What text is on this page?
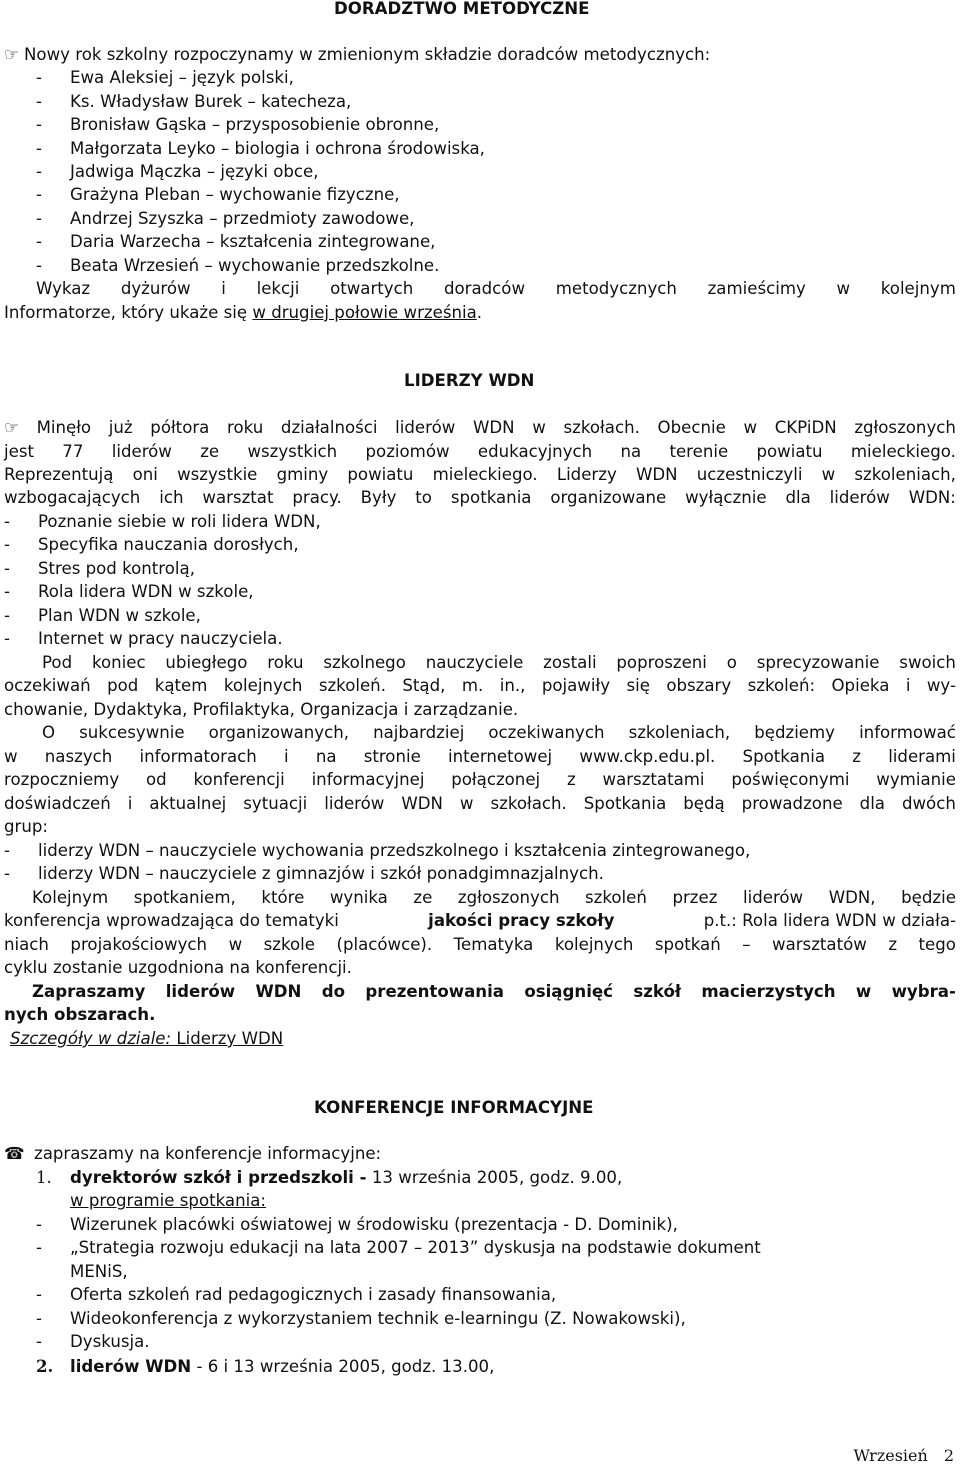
DORADZTWO METODYCZNE
☞ Nowy rok szkolny rozpoczynamy w zmienionym składzie doradców metodycznych:
- Ewa Aleksiej – język polski,
- Ks. Władysław Burek – katecheza,
- Bronisław Gąska – przysposobienie obronne,
- Małgorzata Leyko – biologia i ochrona środowiska,
- Jadwiga Mączka – języki obce,
- Grażyna Pleban – wychowanie fizyczne,
- Andrzej Szyszka – przedmioty zawodowe,
- Daria Warzecha – kształcenia zintegrowane,
- Beata Wrzesień – wychowanie przedszkolne.
Wykaz dyżurów i lekcji otwartych doradców metodycznych zamieścimy w kolejnym
Informatorze, który ukaże się w drugiej połowie września.
LIDERZY WDN
☞ Minęło już półtora roku działalności liderów WDN w szkołach. Obecnie w CKPiDN zgłoszonych
jest 77 liderów ze wszystkich poziomów edukacyjnych na terenie powiatu mieleckiego.
Reprezentują oni wszystkie gminy powiatu mieleckiego. Liderzy WDN uczestniczyli w szkoleniach,
wzbogacających ich warsztat pracy. Były to spotkania organizowane wyłącznie dla liderów WDN:
- Poznanie siebie w roli lidera WDN,
- Specyfika nauczania dorosłych,
- Stres pod kontrolą,
- Rola lidera WDN w szkole,
- Plan WDN w szkole,
- Internet w pracy nauczyciela.
Pod koniec ubiegłego roku szkolnego nauczyciele zostali poproszeni o sprecyzowanie swoich
oczekiwań pod kątem kolejnych szkoleń. Stąd, m. in., pojawiły się obszary szkoleń: Opieka i wy-
chowanie, Dydaktyka, Profilaktyka, Organizacja i zarządzanie.
O sukcesywnie organizowanych, najbardziej oczekiwanych szkoleniach, będziemy informować
w naszych informatorach i na stronie internetowej www.ckp.edu.pl. Spotkania z liderami
rozpoczniemy od konferencji informacyjnej połączonej z warsztatami poświęconymi wymianie
doświadczeń i aktualnej sytuacji liderów WDN w szkołach. Spotkania będą prowadzone dla dwóch
grup:
- liderzy WDN – nauczyciele wychowania przedszkolnego i kształcenia zintegrowanego,
- liderzy WDN – nauczyciele z gimnazjów i szkół ponadgimnazjalnych.
Kolejnym spotkaniem, które wynika ze zgłoszonych szkoleń przez liderów WDN, będzie
konferencja wprowadzająca do tematyki	jakości pracy szkoły	p.t.: Rola lidera WDN w działa-
niach projakościowych w szkole (placówce). Tematyka kolejnych spotkań – warsztatów z tego
cyklu zostanie uzgodniona na konferencji.
Zapraszamy liderów WDN do prezentowania osiągnięć szkół macierzystych w wybra-
nych obszarach.
Szczegóły w dziale: Liderzy WDN
KONFERENCJE INFORMACYJNE
☎ zapraszamy na konferencje informacyjne:
1. dyrektorów szkół i przedszkoli - 13 września 2005, godz. 9.00,
w programie spotkania:
- Wizerunek placówki oświatowej w środowisku (prezentacja - D. Dominik),
- „Strategia rozwoju edukacji na lata 2007 – 2013” dyskusja na podstawie dokument
MENiS,
- Oferta szkoleń rad pedagogicznych i zasady finansowania,
- Wideokonferencja z wykorzystaniem technik e-learningu (Z. Nowakowski),
- Dyskusja.
2. liderów WDN - 6 i 13 września 2005, godz. 13.00,
Wrzesień 2
